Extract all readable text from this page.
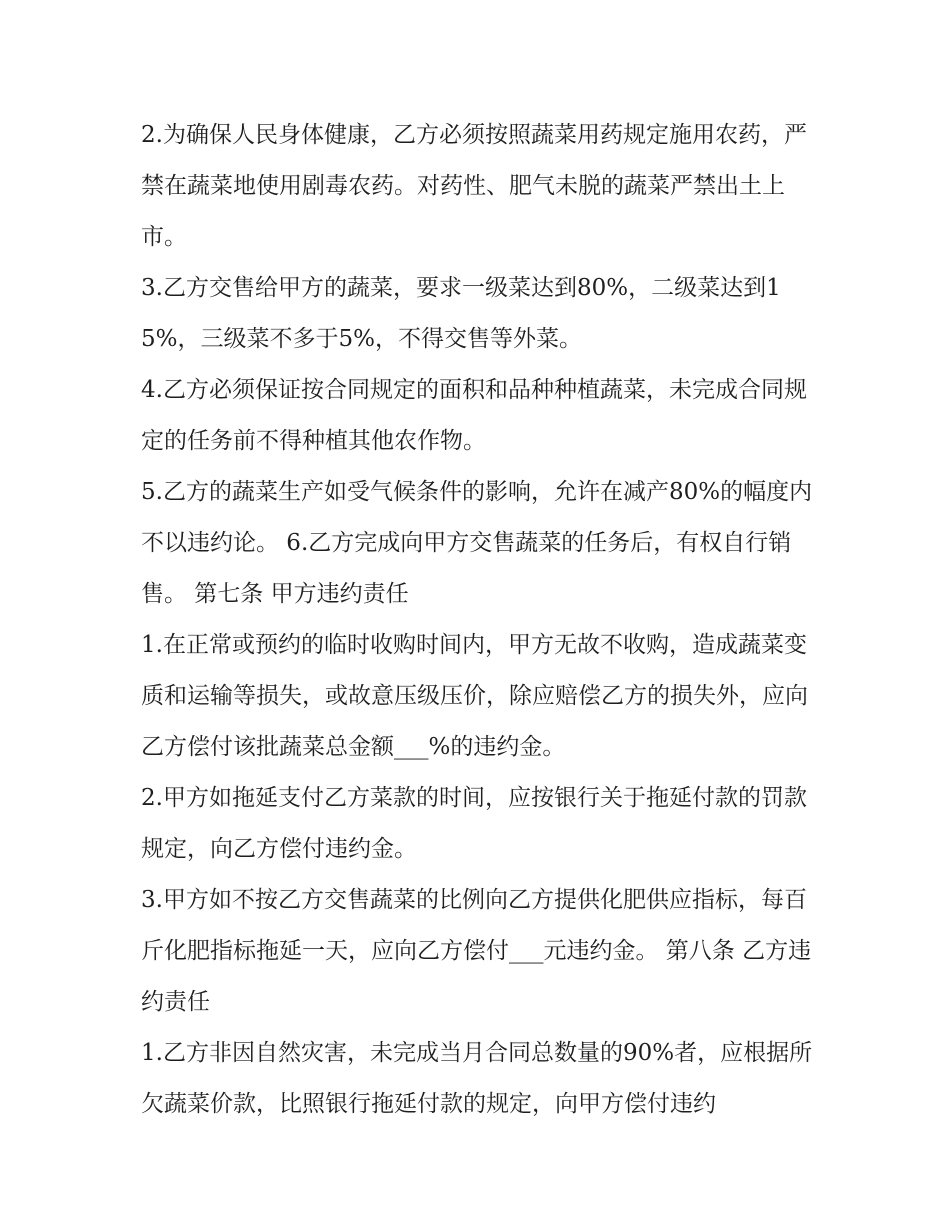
2.为确保人民身体健康，乙方必须按照蔬菜用药规定施用农药，严禁在蔬菜地使用剧毒农药。对药性、肥气未脱的蔬菜严禁出土上市。

3.乙方交售给甲方的蔬菜，要求一级菜达到80%，二级菜达到15%，三级菜不多于5%，不得交售等外菜。

4.乙方必须保证按合同规定的面积和品种种植蔬菜，未完成合同规定的任务前不得种植其他农作物。

5.乙方的蔬菜生产如受气候条件的影响，允许在减产80%的幅度内不以违约论。 6.乙方完成向甲方交售蔬菜的任务后，有权自行销售。 第七条 甲方违约责任

1.在正常或预约的临时收购时间内，甲方无故不收购，造成蔬菜变质和运输等损失，或故意压级压价，除应赔偿乙方的损失外，应向乙方偿付该批蔬菜总金额___%的违约金。

2.甲方如拖延支付乙方菜款的时间，应按银行关于拖延付款的罚款规定，向乙方偿付违约金。

3.甲方如不按乙方交售蔬菜的比例向乙方提供化肥供应指标，每百斤化肥指标拖延一天，应向乙方偿付___元违约金。 第八条 乙方违约责任

1.乙方非因自然灾害，未完成当月合同总数量的90%者，应根据所欠蔬菜价款，比照银行拖延付款的规定，向甲方偿付违约
